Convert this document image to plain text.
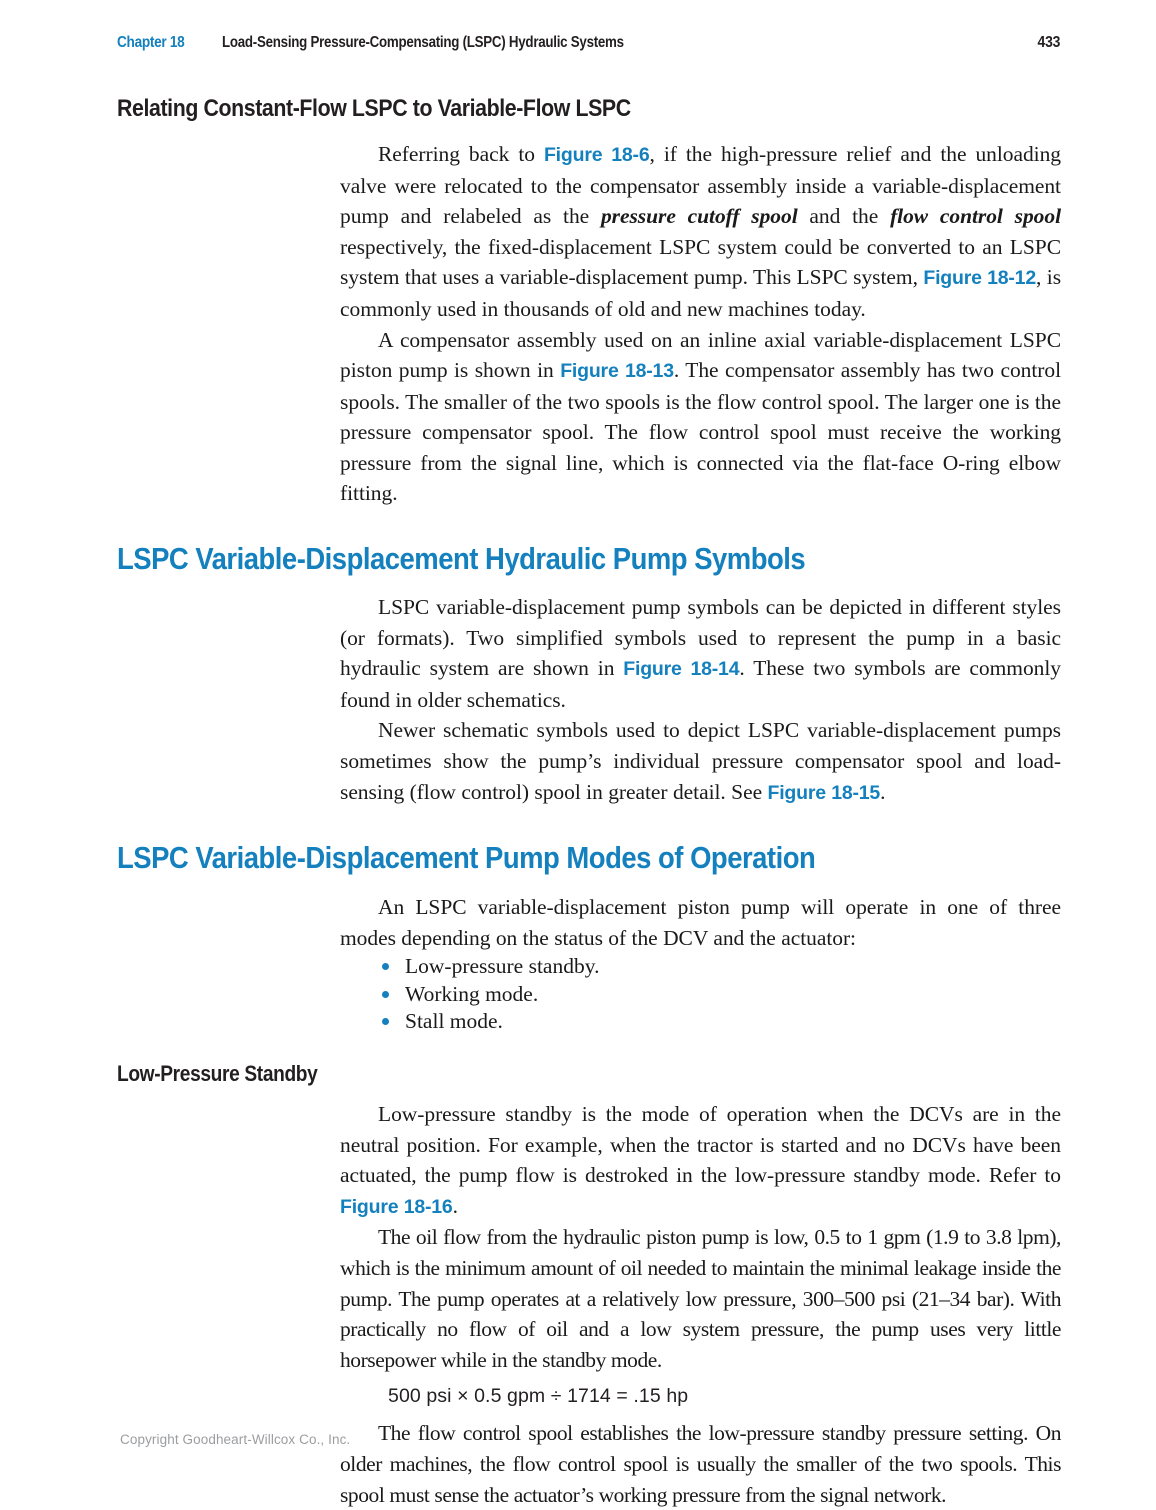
Chapter 18 Load-Sensing Pressure-Compensating (LSPC) Hydraulic Systems	433
Relating Constant-Flow LSPC to Variable-Flow LSPC

Referring back to Figure 18-6, if the high-pressure relief and the unloading valve were relocated to the compensator assembly inside a variable-displacement pump and relabeled as the pressure cutoff spool and the flow control spool respectively, the fixed-displacement LSPC system could be converted to an LSPC system that uses a variable-displacement pump. This LSPC system, Figure 18-12, is commonly used in thousands of old and new machines today.

A compensator assembly used on an inline axial variable-displacement LSPC piston pump is shown in Figure 18-13. The compensator assembly has two control spools. The smaller of the two spools is the flow control spool. The larger one is the pressure compensator spool. The flow control spool must receive the working pressure from the signal line, which is connected via the flat-face O-ring elbow fitting.

LSPC Variable-Displacement Hydraulic Pump Symbols

LSPC variable-displacement pump symbols can be depicted in different styles (or formats). Two simplified symbols used to represent the pump in a basic hydraulic system are shown in Figure 18-14. These two symbols are commonly found in older schematics.

Newer schematic symbols used to depict LSPC variable-displacement pumps sometimes show the pump’s individual pressure compensator spool and load-sensing (flow control) spool in greater detail. See Figure 18-15.

LSPC Variable-Displacement Pump Modes of Operation

An LSPC variable-displacement piston pump will operate in one of three modes depending on the status of the DCV and the actuator:

Low-pressure standby.
Working mode.
Stall mode.
Low-Pressure Standby

Low-pressure standby is the mode of operation when the DCVs are in the neutral position. For example, when the tractor is started and no DCVs have been actuated, the pump flow is destroked in the low-pressure standby mode. Refer to Figure 18-16.

The oil flow from the hydraulic piston pump is low, 0.5 to 1 gpm (1.9 to 3.8 lpm), which is the minimum amount of oil needed to maintain the minimal leakage inside the pump. The pump operates at a relatively low pressure, 300–500 psi (21–34 bar). With practically no flow of oil and a low system pressure, the pump uses very little horsepower while in the standby mode.

500 psi × 0.5 gpm ÷ 1714 = .15 hp

The flow control spool establishes the low-pressure standby pressure setting. On older machines, the flow control spool is usually the smaller of the two spools. This spool must sense the actuator’s working pressure from the signal network.

Copyright Goodheart-Willcox Co., Inc.
